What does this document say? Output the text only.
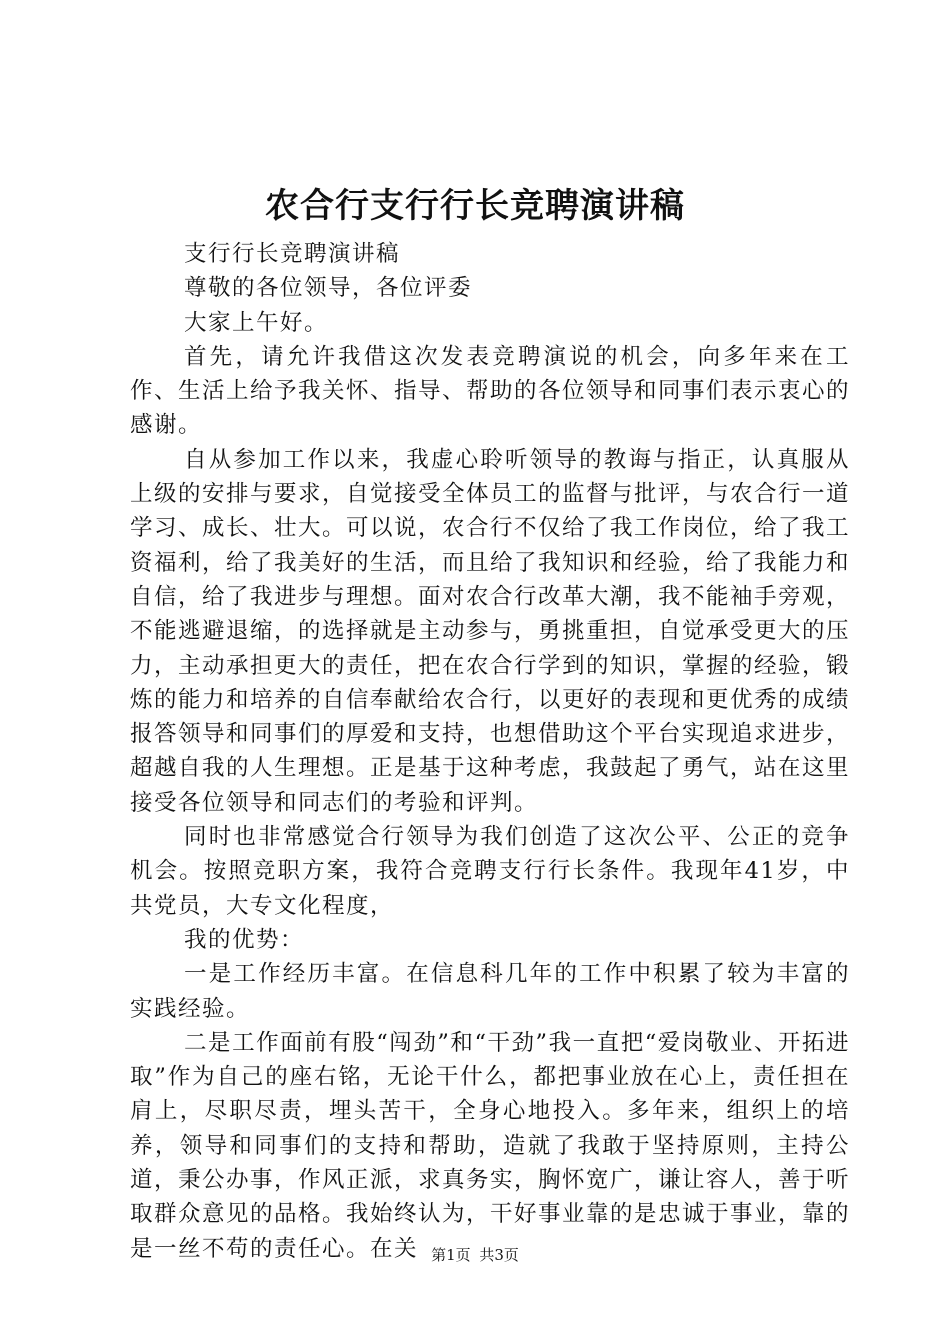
农合行支行行长竞聘演讲稿

支行行长竞聘演讲稿

尊敬的各位领导，各位评委

大家上午好。

首先，请允许我借这次发表竞聘演说的机会，向多年来在工作、生活上给予我关怀、指导、帮助的各位领导和同事们表示衷心的感谢。

自从参加工作以来，我虚心聆听领导的教诲与指正，认真服从上级的安排与要求，自觉接受全体员工的监督与批评，与农合行一道学习、成长、壮大。可以说，农合行不仅给了我工作岗位，给了我工资福利，给了我美好的生活，而且给了我知识和经验，给了我能力和自信，给了我进步与理想。面对农合行改革大潮，我不能袖手旁观，不能逃避退缩，的选择就是主动参与，勇挑重担，自觉承受更大的压力，主动承担更大的责任，把在农合行学到的知识，掌握的经验，锻炼的能力和培养的自信奉献给农合行，以更好的表现和更优秀的成绩报答领导和同事们的厚爱和支持，也想借助这个平台实现追求进步，超越自我的人生理想。正是基于这种考虑，我鼓起了勇气，站在这里接受各位领导和同志们的考验和评判。

同时也非常感觉合行领导为我们创造了这次公平、公正的竞争机会。按照竞职方案，我符合竞聘支行行长条件。我现年41岁，中共党员，大专文化程度，

我的优势：

一是工作经历丰富。在信息科几年的工作中积累了较为丰富的实践经验。

二是工作面前有股“闯劲”和“干劲”我一直把“爱岗敬业、开拓进取”作为自己的座右铭，无论干什么，都把事业放在心上，责任担在肩上，尽职尽责，埋头苦干，全身心地投入。多年来，组织上的培养，领导和同事们的支持和帮助，造就了我敢于坚持原则，主持公道，秉公办事，作风正派，求真务实，胸怀宽广，谦让容人，善于听取群众意见的品格。我始终认为，干好事业靠的是忠诚于事业，靠的是一丝不苟的责任心。在关 第1页 共3页
